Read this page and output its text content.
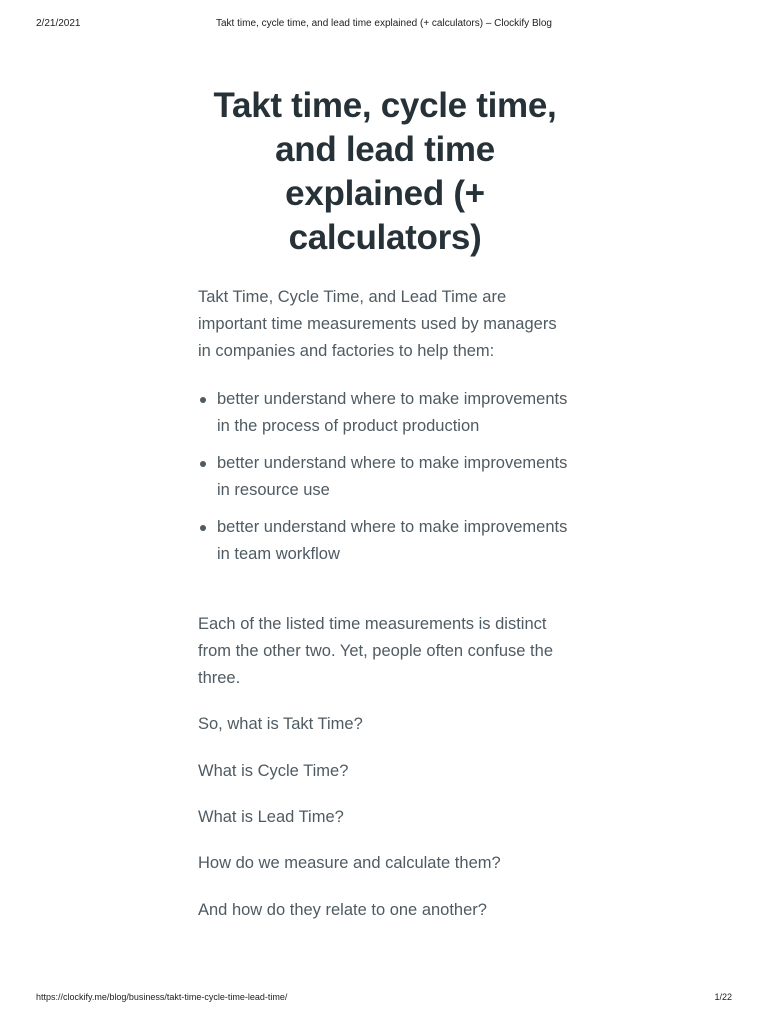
2/21/2021	Takt time, cycle time, and lead time explained (+ calculators) – Clockify Blog
Takt time, cycle time, and lead time explained (+ calculators)

Takt Time, Cycle Time, and Lead Time are important time measurements used by managers in companies and factories to help them:

better understand where to make improvements in the process of product production
better understand where to make improvements in resource use
better understand where to make improvements in team workflow

Each of the listed time measurements is distinct from the other two. Yet, people often confuse the three.

So, what is Takt Time?

What is Cycle Time?

What is Lead Time?

How do we measure and calculate them?

And how do they relate to one another?

https://clockify.me/blog/business/takt-time-cycle-time-lead-time/	1/22
